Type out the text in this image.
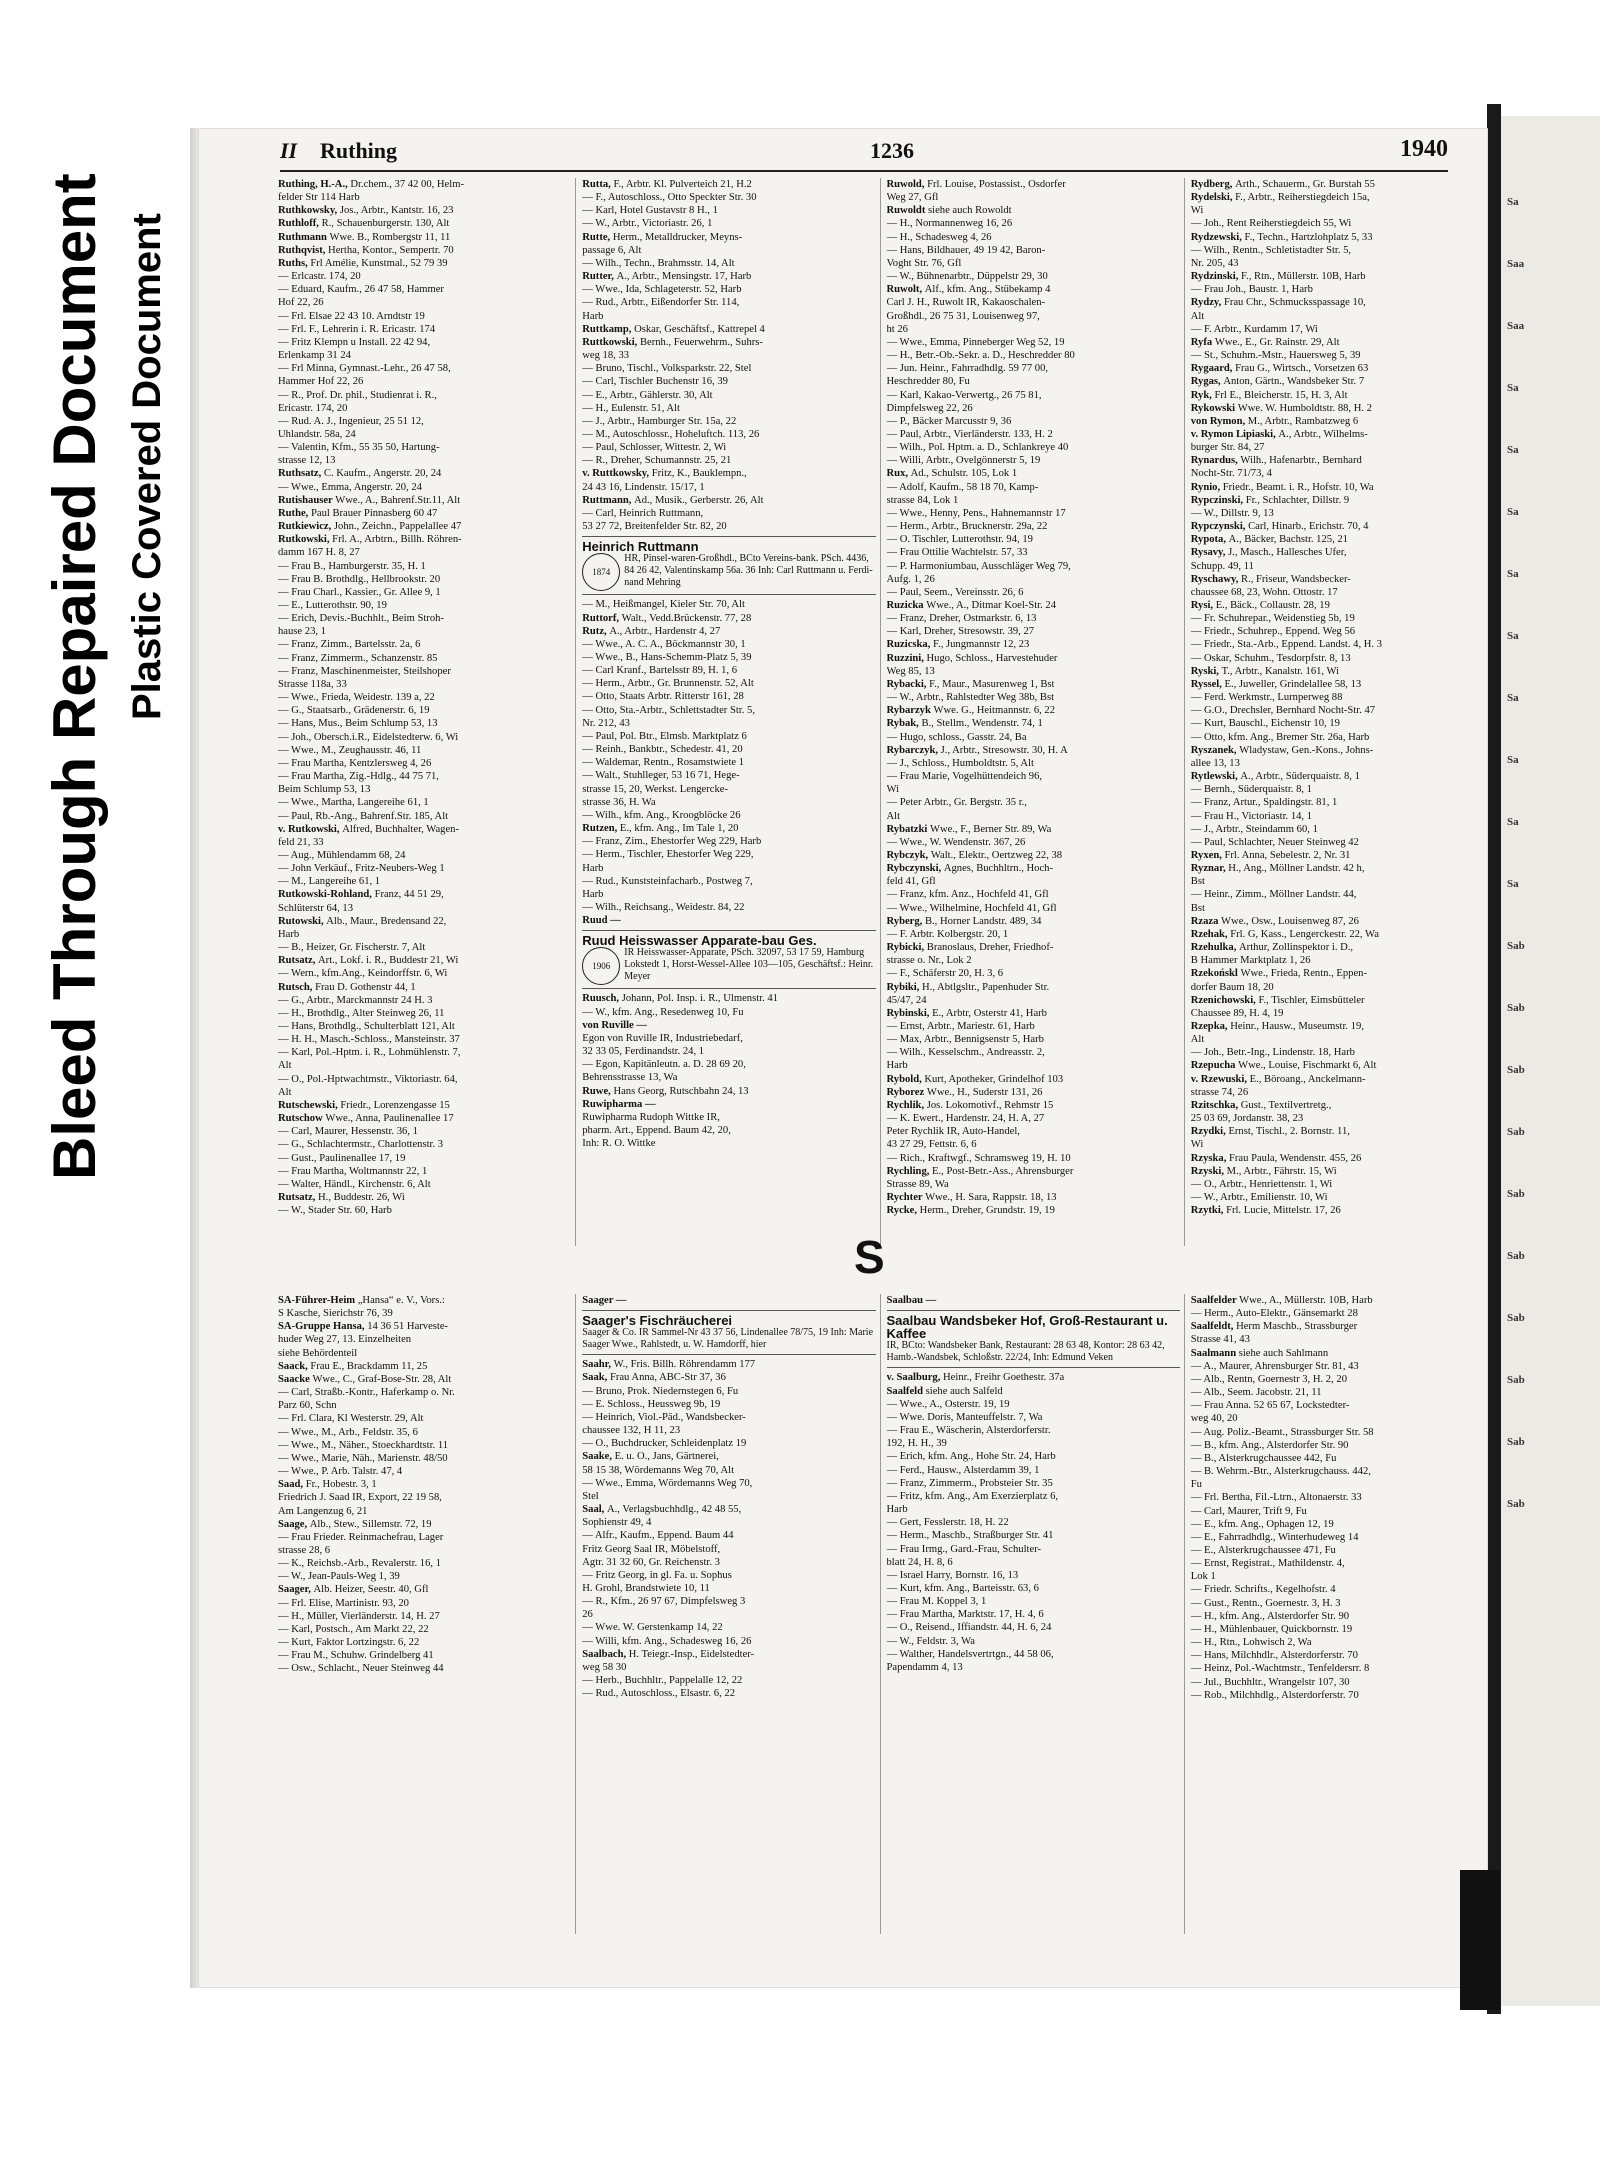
Bleed Through Repaired Document Plastic Covered Document
Sa
Saa
Saa
Sa
Sa
Sa
Sa
Sa
Sa
Sa
Sa
Sa
Sab
Sab
Sab
Sab
Sab
Sab
Sab
Sab
Sab
Sab
II Ruthing	1236	1940
Ruthing, H.-A., Dr.chem., 37 42 00, Helm-
felder Str 114 Harb
Ruthkowsky, Jos., Arbtr., Kantstr. 16, 23
Ruthloff, R., Schauenburgerstr. 130, Alt
Ruthmann Wwe. B., Rombergstr 11, 11
Ruthqvist, Hertha, Kontor., Sempertr. 70
Ruths, Frl Amélie, Kunstmal., 52 79 39
— Erlcastr. 174, 20
— Eduard, Kaufm., 26 47 58, Hammer
Hof 22, 26
— Frl. Elsae 22 43 10. Arndtstr 19
— Frl. F., Lehrerin i. R. Ericastr. 174
— Fritz Klempn u Install. 22 42 94,
Erlenkamp 31 24
— Frl Minna, Gymnast.-Lehr., 26 47 58,
Hammer Hof 22, 26
— R., Prof. Dr. phil., Studienrat i. R.,
Ericastr. 174, 20
— Rud. A. J., Ingenieur, 25 51 12,
Uhlandstr. 58a, 24
— Valentin, Kfm., 55 35 50, Hartung-
strasse 12, 13
Ruthsatz, C. Kaufm., Angerstr. 20, 24
— Wwe., Emma, Angerstr. 20, 24
Rutishauser Wwe., A., Bahrenf.Str.11, Alt
Ruthe, Paul Brauer Pinnasberg 60 47
Rutkiewicz, John., Zeichn., Pappelallee 47
Rutkowski, Frl. A., Arbtrn., Billh. Röhren-
damm 167 H. 8, 27
— Frau B., Hamburgerstr. 35, H. 1
— Frau B. Brothdlg., Hellbrookstr. 20
— Frau Charl., Kassier., Gr. Allee 9, 1
— E., Lutterothstr. 90, 19
— Erich, Devis.-Buchhlt., Beim Stroh-
hause 23, 1
— Franz, Zimm., Bartelsstr. 2a, 6
— Franz, Zimmerm., Schanzenstr. 85
— Franz, Maschinenmeister, Steilshoper
Strasse 118a, 33
— Wwe., Frieda, Weidestr. 139 a, 22
— G., Staatsarb., Grädenerstr. 6, 19
— Hans, Mus., Beim Schlump 53, 13
— Joh., Obersch.i.R., Eidelstedterw. 6, Wi
— Wwe., M., Zeughausstr. 46, 11
— Frau Martha, Kentzlersweg 4, 26
— Frau Martha, Zig.-Hdlg., 44 75 71,
Beim Schlump 53, 13
— Wwe., Martha, Langereihe 61, 1
— Paul, Rb.-Ang., Bahrenf.Str. 185, Alt
v. Rutkowski, Alfred, Buchhalter, Wagen-
feld 21, 33
— Aug., Mühlendamm 68, 24
— John Verkäuf., Fritz-Neubers-Weg 1
— M., Langereihe 61, 1
Rutkowski-Rohland, Franz, 44 51 29,
Schlüterstr 64, 13
Rutowski, Alb., Maur., Bredensand 22,
Harb
— B., Heizer, Gr. Fischerstr. 7, Alt
Rutsatz, Art., Lokf. i. R., Buddestr 21, Wi
— Wern., kfm.Ang., Keindorffstr. 6, Wi
Rutsch, Frau D. Gothenstr 44, 1
— G., Arbtr., Marckmannstr 24 H. 3
— H., Brothdlg., Alter Steinweg 26, 11
— Hans, Brothdlg., Schulterblatt 121, Alt
— H. H., Masch.-Schloss., Mansteinstr. 37
— Karl, Pol.-Hptm. i. R., Lohmühlenstr. 7,
Alt
— O., Pol.-Hptwachtmstr., Viktoriastr. 64,
Alt
Rutschewski, Friedr., Lorenzengasse 15
Rutschow Wwe., Anna, Paulinenallee 17
— Carl, Maurer, Hessenstr. 36, 1
— G., Schlachtermstr., Charlottenstr. 3
— Gust., Paulinenallee 17, 19
— Frau Martha, Woltmannstr 22, 1
— Walter, Händl., Kirchenstr. 6, Alt
Rutsatz, H., Buddestr. 26, Wi
— W., Stader Str. 60, Harb
Rutta, F., Arbtr. Kl. Pulverteich 21, H.2
— F., Autoschloss., Otto Speckter Str. 30
— Karl, Hotel Gustavstr 8 H., 1
— W., Arbtr., Victoriastr. 26, 1
Rutte, Herm., Metalldrucker, Meyns-
passage 6, Alt
— Wilh., Techn., Brahmsstr. 14, Alt
Rutter, A., Arbtr., Mensingstr. 17, Harb
— Wwe., Ida, Schlageterstr. 52, Harb
— Rud., Arbtr., Eißendorfer Str. 114,
Harb
Ruttkamp, Oskar, Geschäftsf., Kattrepel 4
Ruttkowski, Bernh., Feuerwehrm., Suhrs-
weg 18, 33
— Bruno, Tischl., Volksparkstr. 22, Stel
— Carl, Tischler Buchenstr 16, 39
— E., Arbtr., Gählerstr. 30, Alt
— H., Eulenstr. 51, Alt
— J., Arbtr., Hamburger Str. 15a, 22
— M., Autoschlossr., Hoheluftch. 113, 26
— Paul, Schlosser, Wittestr. 2, Wi
— R., Dreher, Schumannstr. 25, 21
v. Ruttkowsky, Fritz, K., Bauklempn.,
24 43 16, Lindenstr. 15/17, 1
Ruttmann, Ad., Musik., Gerberstr. 26, Alt
— Carl, Heinrich Ruttmann,
53 27 72, Breitenfelder Str. 82, 20
Heinrich Ruttmann
1874
HR, Pinsel-waren-Großhdl., BCto Vereins-bank. PSch. 4436, 84 26 42, Valentinskamp 56a. 36 Inh: Carl Ruttmann u. Ferdi-nand Mehring
— M., Heißmangel, Kieler Str. 70, Alt
Ruttorf, Walt., Vedd.Brückenstr. 77, 28
Rutz, A., Arbtr., Hardenstr 4, 27
— Wwe., A. C. A., Böckmannstr 30, 1
— Wwe., B., Hans-Schemm-Platz 5, 39
— Carl Kranf., Bartelsstr 89, H. 1, 6
— Herm., Arbtr., Gr. Brunnenstr. 52, Alt
— Otto, Staats Arbtr. Ritterstr 161, 28
— Otto, Sta.-Arbtr., Schlettstadter Str. 5,
Nr. 212, 43
— Paul, Pol. Btr., Elmsb. Marktplatz 6
— Reinh., Bankbtr., Schedestr. 41, 20
— Waldemar, Rentn., Rosamstwiete 1
— Walt., Stuhlleger, 53 16 71, Hege-
strasse 15, 20, Werkst. Lengercke-
strasse 36, H. Wa
— Wilh., kfm. Ang., Kroogblöcke 26
Rutzen, E., kfm. Ang., Im Tale 1, 20
— Franz, Zim., Ehestorfer Weg 229, Harb
— Herm., Tischler, Ehestorfer Weg 229,
Harb
— Rud., Kunststeinfacharb., Postweg 7,
Harb
— Wilh., Reichsang., Weidestr. 84, 22
Ruud —
Ruud Heisswasser Apparate-bau Ges.
1906
IR Heisswasser-Apparate, PSch. 32097, 53 17 59, Hamburg Lokstedt 1, Horst-Wessel-Allee 103—105, Geschäftsf.: Heinr. Meyer
Ruusch, Johann, Pol. Insp. i. R., Ulmenstr. 41
— W., kfm. Ang., Resedenweg 10, Fu
von Ruville —
Egon von Ruville IR, Industriebedarf,
32 33 05, Ferdinandstr. 24, 1
— Egon, Kapitänleutn. a. D. 28 69 20,
Behrensstrasse 13, Wa
Ruwe, Hans Georg, Rutschbahn 24, 13
Ruwipharma —
Ruwipharma Rudoph Wittke IR,
pharm. Art., Eppend. Baum 42, 20,
Inh: R. O. Wittke
Ruwold, Frl. Louise, Postassist., Osdorfer
Weg 27, Gfl
Ruwoldt siehe auch Rowoldt
— H., Normannenweg 16, 26
— H., Schadesweg 4, 26
— Hans, Bildhauer, 49 19 42, Baron-
Voght Str. 76, Gfl
— W., Bühnenarbtr., Düppelstr 29, 30
Ruwolt, Alf., kfm. Ang., Stübekamp 4
Carl J. H., Ruwolt IR, Kakaoschalen-
Großhdl., 26 75 31, Louisenweg 97,
ht 26
— Wwe., Emma, Pinneberger Weg 52, 19
— H., Betr.-Ob.-Sekr. a. D., Heschredder 80
— Jun. Heinr., Fahrradhdlg. 59 77 00,
Heschredder 80, Fu
— Karl, Kakao-Verwertg., 26 75 81,
Dimpfelsweg 22, 26
— P., Bäcker Marcusstr 9, 36
— Paul, Arbtr., Vierländerstr. 133, H. 2
— Wilh., Pol. Hptm. a. D., Schlankreye 40
— Willi, Arbtr., Ovelgönnerstr 5, 19
Rux, Ad., Schulstr. 105, Lok 1
— Adolf, Kaufm., 58 18 70, Kamp-
strasse 84, Lok 1
— Wwe., Henny, Pens., Hahnemannstr 17
— Herm., Arbtr., Brucknerstr. 29a, 22
— O. Tischler, Lutterothstr. 94, 19
— Frau Ottilie Wachtelstr. 57, 33
— P. Harmoniumbau, Ausschläger Weg 79,
Aufg. 1, 26
— Paul, Seem., Vereinsstr. 26, 6
Ruzicka Wwe., A., Ditmar Koel-Str. 24
— Franz, Dreher, Ostmarkstr. 6, 13
— Karl, Dreher, Stresowstr. 39, 27
Ruzicska, F., Jungmannstr 12, 23
Ruzzini, Hugo, Schloss., Harvestehuder
Weg 85, 13
Rybacki, F., Maur., Masurenweg 1, Bst
— W., Arbtr., Rahlstedter Weg 38b, Bst
Rybarzyk Wwe. G., Heitmannstr. 6, 22
Rybak, B., Stellm., Wendenstr. 74, 1
— Hugo, schloss., Gasstr. 24, Ba
Rybarczyk, J., Arbtr., Stresowstr. 30, H. A
— J., Schloss., Humboldtstr. 5, Alt
— Frau Marie, Vogelhüttendeich 96,
Wi
— Peter Arbtr., Gr. Bergstr. 35 r.,
Alt
Rybatzki Wwe., F., Berner Str. 89, Wa
— Wwe., W. Wendenstr. 367, 26
Rybczyk, Walt., Elektr., Oertzweg 22, 38
Rybczynski, Agnes, Buchhltrn., Hoch-
feld 41, Gfl
— Franz, kfm. Anz., Hochfeld 41, Gfl
— Wwe., Wilhelmine, Hochfeld 41, Gfl
Ryberg, B., Horner Landstr. 489, 34
— F. Arbtr. Kolbergstr. 20, 1
Rybicki, Branoslaus, Dreher, Friedhof-
strasse o. Nr., Lok 2
— F., Schäferstr 20, H. 3, 6
Rybiki, H., Abtlgsltr., Papenhuder Str.
45/47, 24
Rybinski, E., Arbtr, Osterstr 41, Harb
— Ernst, Arbtr., Mariestr. 61, Harb
— Max, Arbtr., Bennigsenstr 5, Harb
— Wilh., Kesselschm., Andreasstr. 2,
Harb
Rybold, Kurt, Apotheker, Grindelhof 103
Ryborez Wwe., H., Suderstr 131, 26
Rychlik, Jos. Lokomotivf., Rehmstr 15
— K. Ewert., Hardenstr. 24, H. A, 27
Peter Rychlik IR, Auto-Handel,
43 27 29, Fettstr. 6, 6
— Rich., Kraftwgf., Schramsweg 19, H. 10
Rychling, E., Post-Betr.-Ass., Ahrensburger
Strasse 89, Wa
Rychter Wwe., H. Sara, Rappstr. 18, 13
Rycke, Herm., Dreher, Grundstr. 19, 19
Rydberg, Arth., Schauerm., Gr. Burstah 55
Rydelski, F., Arbtr., Reiherstiegdeich 15a,
Wi
— Joh., Rent Reiherstiegdeich 55, Wi
Rydzewski, F., Techn., Hartzlohplatz 5, 33
— Wilh., Rentn., Schletistadter Str. 5,
Nr. 205, 43
Rydzinski, F., Rtn., Müllerstr. 10B, Harb
— Frau Joh., Baustr. 1, Harb
Rydzy, Frau Chr., Schmucksspassage 10,
Alt
— F. Arbtr., Kurdamm 17, Wi
Ryfa Wwe., E., Gr. Rainstr. 29, Alt
— St., Schuhm.-Mstr., Hauersweg 5, 39
Rygaard, Frau G., Wirtsch., Vorsetzen 63
Rygas, Anton, Gärtn., Wandsbeker Str. 7
Ryk, Frl E., Bleicherstr. 15, H. 3, Alt
Rykowski Wwe. W. Humboldtstr. 88, H. 2
von Rymon, M., Arbtr., Rambatzweg 6
v. Rymon Lipiaski, A., Arbtr., Wilhelms-
burger Str. 84, 27
Rynardus, Wilh., Hafenarbtr., Bernhard
Nocht-Str. 71/73, 4
Rynio, Friedr., Beamt. i. R., Hofstr. 10, Wa
Rypczinski, Fr., Schlachter, Dillstr. 9
— W., Dillstr. 9, 13
Rypczynski, Carl, Hinarb., Erichstr. 70, 4
Rypota, A., Bäcker, Bachstr. 125, 21
Rysavy, J., Masch., Hallesches Ufer,
Schupp. 49, 11
Ryschawy, R., Friseur, Wandsbecker-
chaussee 68, 23, Wohn. Ottostr. 17
Rysi, E., Bäck., Collaustr. 28, 19
— Fr. Schuhrepar., Weidenstieg 5b, 19
— Friedr., Schuhrep., Eppend. Weg 56
— Friedr., Sta.-Arb., Eppend. Landst. 4, H. 3
— Oskar, Schuhm., Tesdorpfstr. 8, 13
Ryski, T., Arbtr., Kanalstr. 161, Wi
Ryssel, E., Juweller, Grindelallee 58, 13
— Ferd. Werkmstr., Lurnperweg 88
— G.O., Drechsler, Bernhard Nocht-Str. 47
— Kurt, Bauschl., Eichenstr 10, 19
— Otto, kfm. Ang., Bremer Str. 26a, Harb
Ryszanek, Wladystaw, Gen.-Kons., Johns-
allee 13, 13
Rytlewski, A., Arbtr., Süderquaistr. 8, 1
— Bernh., Süderquaistr. 8, 1
— Franz, Artur., Spaldingstr. 81, 1
— Frau H., Victoriastr. 14, 1
— J., Arbtr., Steindamm 60, 1
— Paul, Schlachter, Neuer Steinweg 42
Ryxen, Frl. Anna, Sebelestr. 2, Nr. 31
Ryznar, H., Ang., Möllner Landstr. 42 h,
Bst
— Heinr., Zimm., Möllner Landstr. 44,
Bst
Rzaza Wwe., Osw., Louisenweg 87, 26
Rzehak, Frl. G, Kass., Lengerckestr. 22, Wa
Rzehulka, Arthur, Zollinspektor i. D.,
B Hammer Marktplatz 1, 26
Rzekońskl Wwe., Frieda, Rentn., Eppen-
dorfer Baum 18, 20
Rzenichowski, F., Tischler, Eimsbütteler
Chaussee 89, H. 4, 19
Rzepka, Heinr., Hausw., Museumstr. 19,
Alt
— Joh., Betr.-Ing., Lindenstr. 18, Harb
Rzepucha Wwe., Louise, Fischmarkt 6, Alt
v. Rzewuski, E., Böroang., Anckelmann-
strasse 74, 26
Rzitschka, Gust., Textilvertretg.,
25 03 69, Jordanstr. 38, 23
Rzydki, Ernst, Tischl., 2. Bornstr. 11,
Wi
Rzyska, Frau Paula, Wendenstr. 455, 26
Rzyski, M., Arbtr., Fährstr. 15, Wi
— O., Arbtr., Henriettenstr. 1, Wi
— W., Arbtr., Emilienstr. 10, Wi
Rzytki, Frl. Lucie, Mittelstr. 17, 26
S
SA-Führer-Heim „Hansa“ e. V., Vors.:
S Kasche, Sierichstr 76, 39
SA-Gruppe Hansa, 14 36 51 Harveste-
huder Weg 27, 13. Einzelheiten
siehe Behördenteil
Saack, Frau E., Brackdamm 11, 25
Saacke Wwe., C., Graf-Bose-Str. 28, Alt
— Carl, Straßb.-Kontr., Haferkamp o. Nr.
Parz 60, Schn
— Frl. Clara, Kl Westerstr. 29, Alt
— Wwe., M., Arb., Feldstr. 35, 6
— Wwe., M., Näher., Stoeckhardtstr. 11
— Wwe., Marie, Näh., Marienstr. 48/50
— Wwe., P. Arb. Talstr. 47, 4
Saad, Fr., Hobestr. 3, 1
Friedrich J. Saad IR, Export, 22 19 58,
Am Langenzug 6, 21
Saage, Alb., Stew., Sillemstr. 72, 19
— Frau Frieder. Reinmachefrau, Lager
strasse 28, 6
— K., Reichsb.-Arb., Revalerstr. 16, 1
— W., Jean-Pauls-Weg 1, 39
Saager, Alb. Heizer, Seestr. 40, Gfl
— Frl. Elise, Martinistr. 93, 20
— H., Müller, Vierländerstr. 14, H. 27
— Karl, Postsch., Am Markt 22, 22
— Kurt, Faktor Lortzingstr. 6, 22
— Frau M., Schuhw. Grindelberg 41
— Osw., Schlacht., Neuer Steinweg 44
Saager —
Saager's Fischräucherei
Saager & Co. IR Sammel-Nr 43 37 56, Lindenallee 78/75, 19 Inh: Marie Saager Wwe., Rahlstedt, u. W. Hamdorff, hier
Saahr, W., Fris. Billh. Röhrendamm 177
Saak, Frau Anna, ABC-Str 37, 36
— Bruno, Prok. Niedernstegen 6, Fu
— E. Schloss., Heussweg 9b, 19
— Heinrich, Viol.-Päd., Wandsbecker-
chaussee 132, H 11, 23
— O., Buchdrucker, Schleidenplatz 19
Saake, E. u. O., Jans, Gärtnerei,
58 15 38, Wördemanns Weg 70, Alt
— Wwe., Emma, Wördemanns Weg 70,
Stel
Saal, A., Verlagsbuchhdlg., 42 48 55,
Sophienstr 49, 4
— Alfr., Kaufm., Eppend. Baum 44
Fritz Georg Saal IR, Möbelstoff,
Agtr. 31 32 60, Gr. Reichenstr. 3
— Fritz Georg, in gl. Fa. u. Sophus
H. Grohl, Brandstwiete 10, 11
— R., Kfm., 26 97 67, Dimpfelsweg 3
26
— Wwe. W. Gerstenkamp 14, 22
— Willi, kfm. Ang., Schadesweg 16, 26
Saalbach, H. Teiegr.-Insp., Eidelstedter-
weg 58 30
— Herb., Buchhltr., Pappelalle 12, 22
— Rud., Autoschloss., Elsastr. 6, 22
Saalbau —
Saalbau Wandsbeker Hof, Groß-Restaurant u. Kaffee
IR, BCto: Wandsbeker Bank, Restaurant: 28 63 48, Kontor: 28 63 42, Hamb.-Wandsbek, Schloßstr. 22/24, Inh: Edmund Veken
v. Saalburg, Heinr., Freihr Goethestr. 37a
Saalfeld siehe auch Salfeld
— Wwe., A., Osterstr. 19, 19
— Wwe. Doris, Manteuffelstr. 7, Wa
— Frau E., Wäscherin, Alsterdorferstr.
192, H. H., 39
— Erich, kfm. Ang., Hohe Str. 24, Harb
— Ferd., Hausw., Alsterdamm 39, 1
— Franz, Zimmerm., Probsteier Str. 35
— Fritz, kfm. Ang., Am Exerzierplatz 6,
Harb
— Gert, Fesslerstr. 18, H. 22
— Herm., Maschb., Straßburger Str. 41
— Frau Irmg., Gard.-Frau, Schulter-
blatt 24, H. 8, 6
— Israel Harry, Bornstr. 16, 13
— Kurt, kfm. Ang., Barteisstr. 63, 6
— Frau M. Koppel 3, 1
— Frau Martha, Marktstr. 17, H. 4, 6
— O., Reisend., Iffiandstr. 44, H. 6, 24
— W., Feldstr. 3, Wa
— Walther, Handelsvertrtgn., 44 58 06,
Papendamm 4, 13
Saalfelder Wwe., A., Müllerstr. 10B, Harb
— Herm., Auto-Elektr., Gänsemarkt 28
Saalfeldt, Herm Maschb., Strassburger
Strasse 41, 43
Saalmann siehe auch Sahlmann
— A., Maurer, Ahrensburger Str. 81, 43
— Alb., Rentn, Goernestr 3, H. 2, 20
— Alb., Seem. Jacobstr. 21, 11
— Frau Anna. 52 65 67, Lockstedter-
weg 40, 20
— Aug. Poliz.-Beamt., Strassburger Str. 58
— B., kfm. Ang., Alsterdorfer Str. 90
— B., Alsterkrugchaussee 442, Fu
— B. Wehrm.-Btr., Alsterkrugchauss. 442,
Fu
— Frl. Bertha, Fil.-Ltrn., Altonaerstr. 33
— Carl, Maurer, Trift 9, Fu
— E., kfm. Ang., Ophagen 12, 19
— E., Fahrradhdlg., Winterhudeweg 14
— E., Alsterkrugchaussee 471, Fu
— Ernst, Registrat., Mathildenstr. 4,
Lok 1
— Friedr. Schrifts., Kegelhofstr. 4
— Gust., Rentn., Goernestr. 3, H. 3
— H., kfm. Ang., Alsterdorfer Str. 90
— H., Mühlenbauer, Quickbornstr. 19
— H., Rtn., Lohwisch 2, Wa
— Hans, Milchhdlr., Alsterdorferstr. 70
— Heinz, Pol.-Wachtmstr., Tenfeldersrr. 8
— Jul., Buchhltr., Wrangelstr 107, 30
— Rob., Milchhdlg., Alsterdorferstr. 70
